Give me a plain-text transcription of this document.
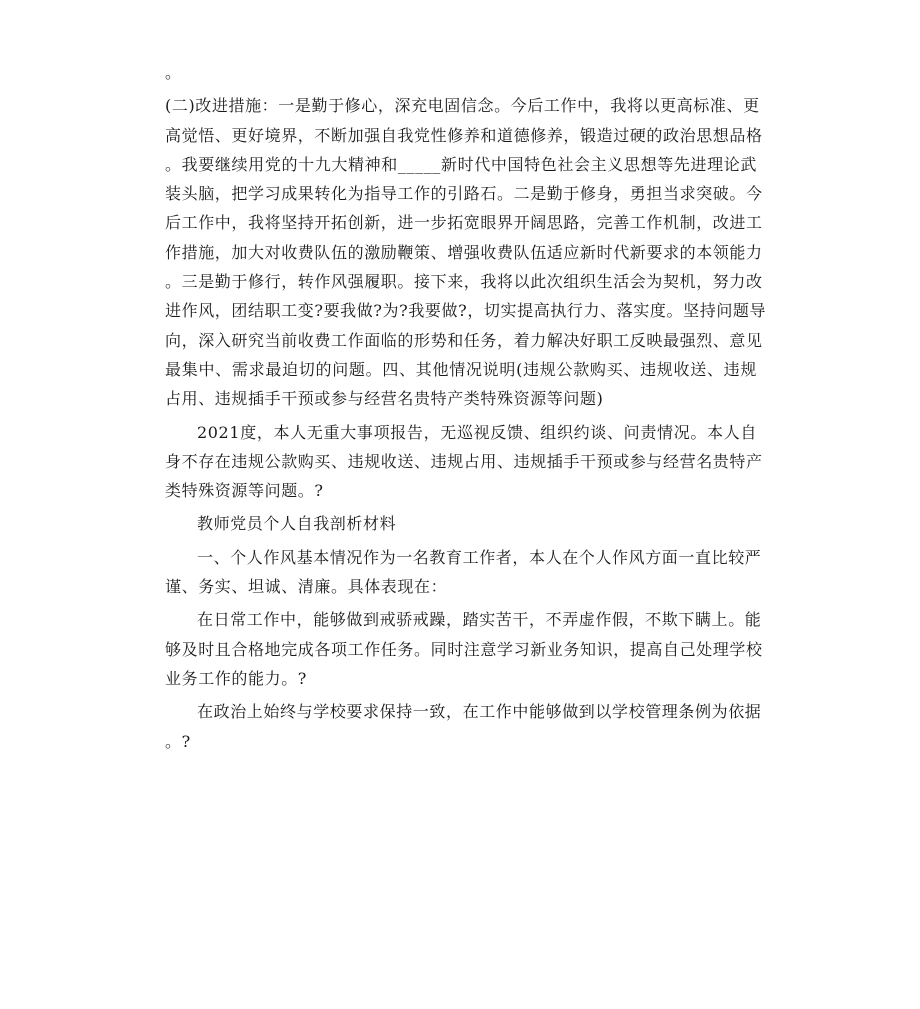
。
(二)改进措施：一是勤于修心，深充电固信念。今后工作中，我将以更高标准、更
高觉悟、更好境界，不断加强自我党性修养和道德修养，锻造过硬的政治思想品格
。我要继续用党的十九大精神和_____新时代中国特色社会主义思想等先进理论武
装头脑，把学习成果转化为指导工作的引路石。二是勤于修身，勇担当求突破。今
后工作中，我将坚持开拓创新，进一步拓宽眼界开阔思路，完善工作机制，改进工
作措施，加大对收费队伍的激励鞭策、增强收费队伍适应新时代新要求的本领能力
。三是勤于修行，转作风强履职。接下来，我将以此次组织生活会为契机，努力改
进作风，团结职工变?要我做?为?我要做?，切实提高执行力、落实度。坚持问题导
向，深入研究当前收费工作面临的形势和任务，着力解决好职工反映最强烈、意见
最集中、需求最迫切的问题。四、其他情况说明(违规公款购买、违规收送、违规
占用、违规插手干预或参与经营名贵特产类特殊资源等问题)
2021度，本人无重大事项报告，无巡视反馈、组织约谈、问责情况。本人自
身不存在违规公款购买、违规收送、违规占用、违规插手干预或参与经营名贵特产
类特殊资源等问题。?
教师党员个人自我剖析材料
一、个人作风基本情况作为一名教育工作者，本人在个人作风方面一直比较严
谨、务实、坦诚、清廉。具体表现在：
在日常工作中，能够做到戒骄戒躁，踏实苦干，不弄虚作假，不欺下瞒上。能
够及时且合格地完成各项工作任务。同时注意学习新业务知识，提高自己处理学校
业务工作的能力。?
在政治上始终与学校要求保持一致，在工作中能够做到以学校管理条例为依据
。?
